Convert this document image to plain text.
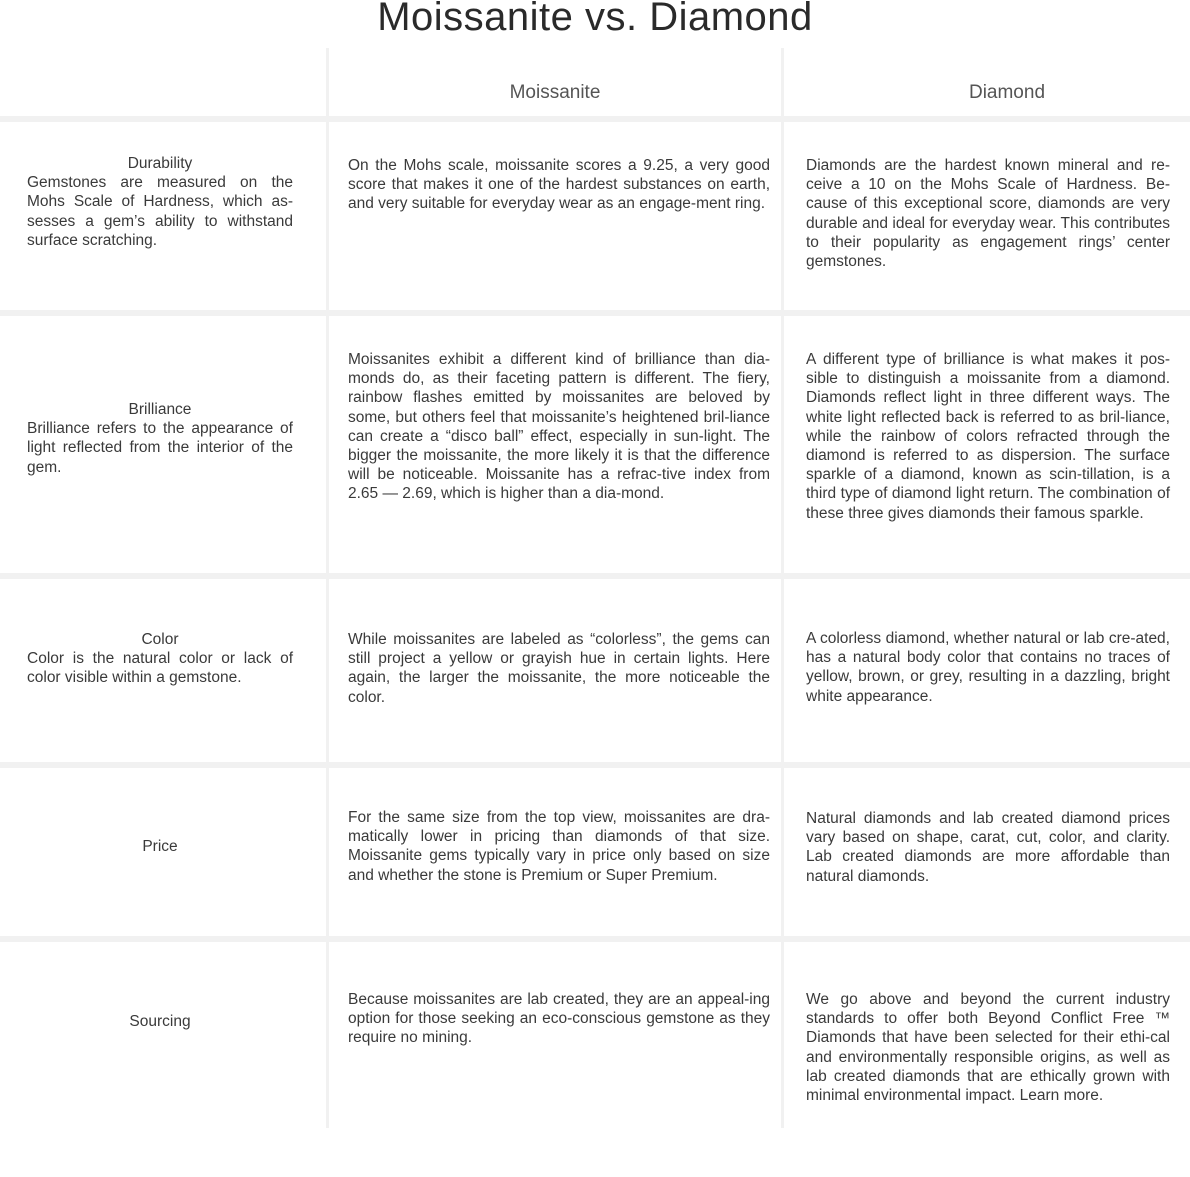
Moissanite vs. Diamond
Moissanite	Diamond
Durability
Gemstones are measured on the Mohs Scale of Hardness, which as-sesses a gem’s ability to withstand surface scratching.
On the Mohs scale, moissanite scores a 9.25, a very good score that makes it one of the hardest substances on earth, and very suitable for everyday wear as an engage-ment ring.
Diamonds are the hardest known mineral and re-ceive a 10 on the Mohs Scale of Hardness. Be-cause of this exceptional score, diamonds are very durable and ideal for everyday wear. This contributes to their popularity as engagement rings’ center gemstones.
Brilliance
Brilliance refers to the appearance of light reflected from the interior of the gem.
Moissanites exhibit a different kind of brilliance than dia-monds do, as their faceting pattern is different. The fiery, rainbow flashes emitted by moissanites are beloved by some, but others feel that moissanite’s heightened bril-liance can create a “disco ball” effect, especially in sun-light. The bigger the moissanite, the more likely it is that the difference will be noticeable. Moissanite has a refrac-tive index from 2.65 — 2.69, which is higher than a dia-mond.
A different type of brilliance is what makes it pos-sible to distinguish a moissanite from a diamond. Diamonds reflect light in three different ways. The white light reflected back is referred to as bril-liance, while the rainbow of colors refracted through the diamond is referred to as dispersion. The surface sparkle of a diamond, known as scin-tillation, is a third type of diamond light return. The combination of these three gives diamonds their famous sparkle.
Color
Color is the natural color or lack of color visible within a gemstone.
While moissanites are labeled as “colorless”, the gems can still project a yellow or grayish hue in certain lights. Here again, the larger the moissanite, the more noticeable the color.
A colorless diamond, whether natural or lab cre-ated, has a natural body color that contains no traces of yellow, brown, or grey, resulting in a dazzling, bright white appearance.
Price
For the same size from the top view, moissanites are dra-matically lower in pricing than diamonds of that size. Moissanite gems typically vary in price only based on size and whether the stone is Premium or Super Premium.
Natural diamonds and lab created diamond prices vary based on shape, carat, cut, color, and clarity. Lab created diamonds are more affordable than natural diamonds.
Sourcing
Because moissanites are lab created, they are an appeal-ing option for those seeking an eco-conscious gemstone as they require no mining.
We go above and beyond the current industry standards to offer both Beyond Conflict Free ™ Diamonds that have been selected for their ethi-cal and environmentally responsible origins, as well as lab created diamonds that are ethically grown with minimal environmental impact. Learn more.
